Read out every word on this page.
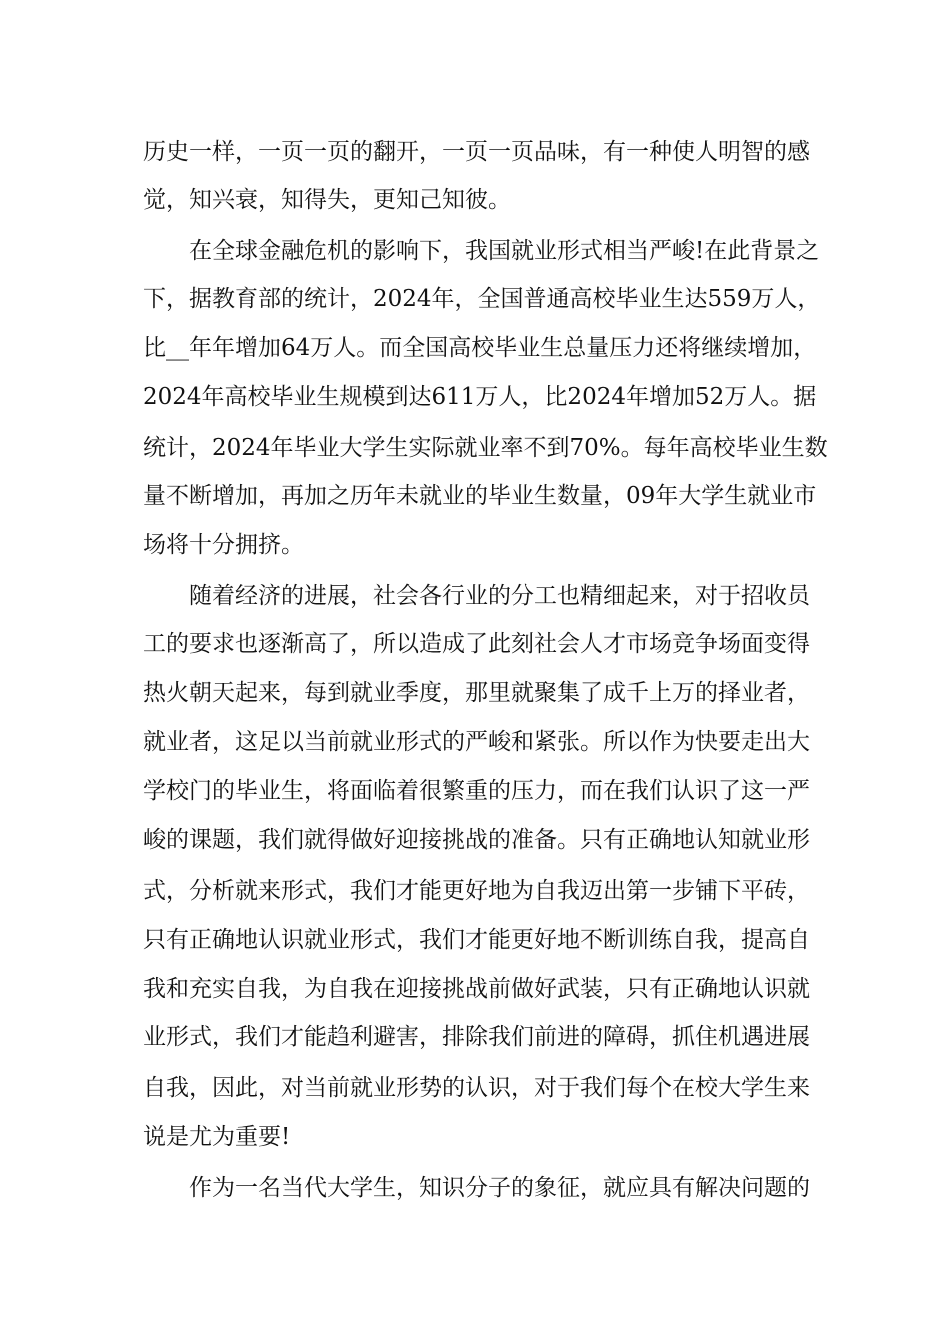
历史一样，一页一页的翻开，一页一页品味，有一种使人明智的感
觉，知兴衰，知得失，更知己知彼。
在全球金融危机的影响下，我国就业形式相当严峻!在此背景之
下，据教育部的统计，2024年，全国普通高校毕业生达559万人，
比__年年增加64万人。而全国高校毕业生总量压力还将继续增加，
2024年高校毕业生规模到达611万人，比2024年增加52万人。据
统计，2024年毕业大学生实际就业率不到70%。每年高校毕业生数
量不断增加，再加之历年未就业的毕业生数量，09年大学生就业市
场将十分拥挤。
随着经济的进展，社会各行业的分工也精细起来，对于招收员
工的要求也逐渐高了，所以造成了此刻社会人才市场竞争场面变得
热火朝天起来，每到就业季度，那里就聚集了成千上万的择业者，
就业者，这足以当前就业形式的严峻和紧张。所以作为快要走出大
学校门的毕业生，将面临着很繁重的压力，而在我们认识了这一严
峻的课题，我们就得做好迎接挑战的准备。只有正确地认知就业形
式，分析就来形式，我们才能更好地为自我迈出第一步铺下平砖，
只有正确地认识就业形式，我们才能更好地不断训练自我，提高自
我和充实自我，为自我在迎接挑战前做好武装，只有正确地认识就
业形式，我们才能趋利避害，排除我们前进的障碍，抓住机遇进展
自我，因此，对当前就业形势的认识，对于我们每个在校大学生来
说是尤为重要!
作为一名当代大学生，知识分子的象征，就应具有解决问题的
